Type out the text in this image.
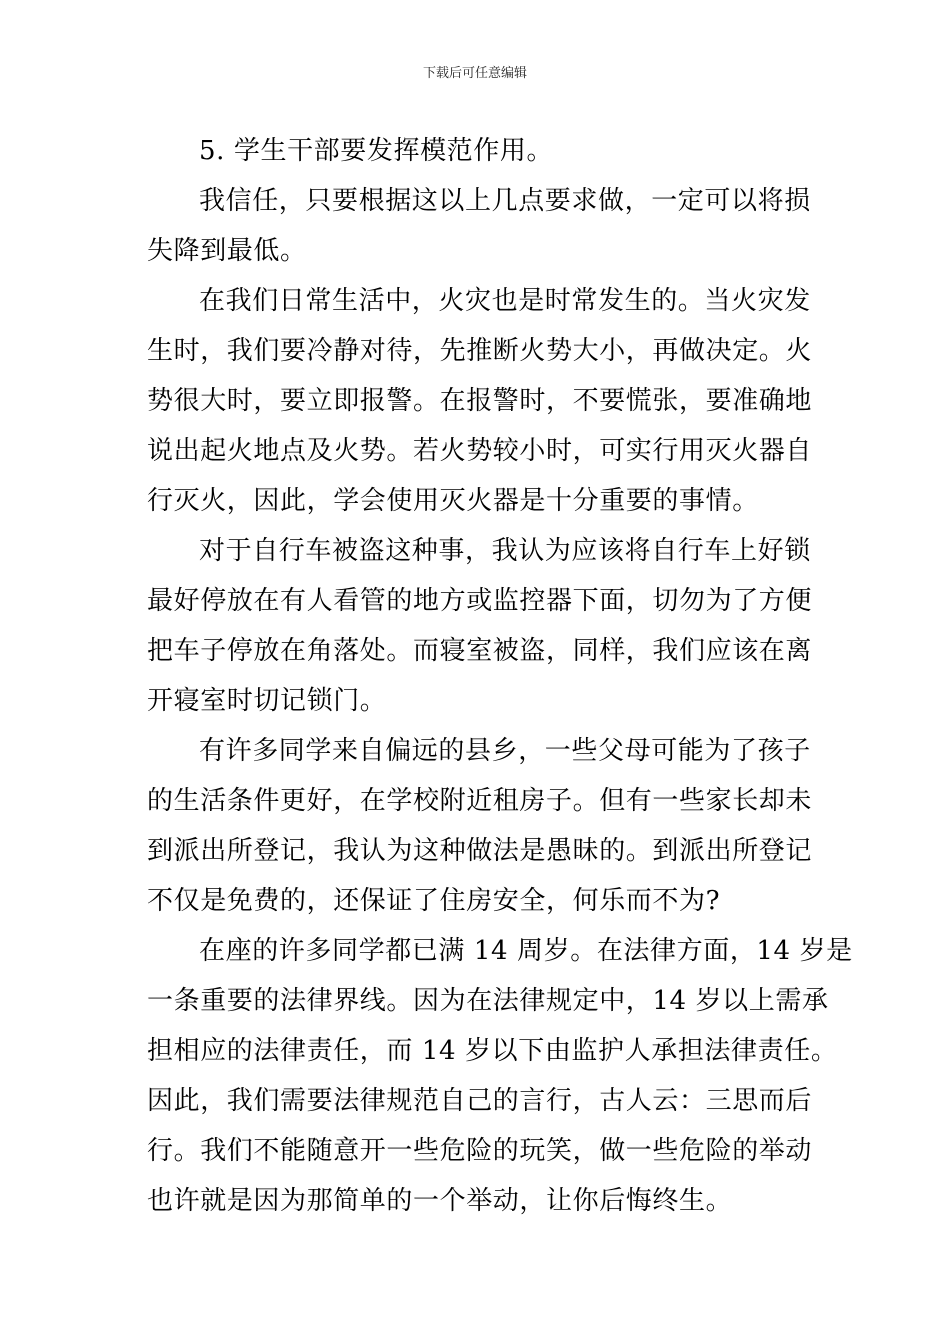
下载后可任意编辑

5. 学生干部要发挥模范作用。

我信任，只要根据这以上几点要求做，一定可以将损
失降到最低。

在我们日常生活中，火灾也是时常发生的。当火灾发
生时，我们要冷静对待，先推断火势大小，再做决定。火
势很大时，要立即报警。在报警时，不要慌张，要准确地
说出起火地点及火势。若火势较小时，可实行用灭火器自
行灭火，因此，学会使用灭火器是十分重要的事情。

对于自行车被盗这种事，我认为应该将自行车上好锁
最好停放在有人看管的地方或监控器下面，切勿为了方便
把车子停放在角落处。而寝室被盗，同样，我们应该在离
开寝室时切记锁门。

有许多同学来自偏远的县乡，一些父母可能为了孩子
的生活条件更好，在学校附近租房子。但有一些家长却未
到派出所登记，我认为这种做法是愚昧的。到派出所登记
不仅是免费的，还保证了住房安全，何乐而不为?

在座的许多同学都已满 14 周岁。在法律方面，14 岁是
一条重要的法律界线。因为在法律规定中，14 岁以上需承
担相应的法律责任，而 14 岁以下由监护人承担法律责任。
因此，我们需要法律规范自己的言行，古人云：三思而后
行。我们不能随意开一些危险的玩笑，做一些危险的举动
也许就是因为那简单的一个举动，让你后悔终生。
